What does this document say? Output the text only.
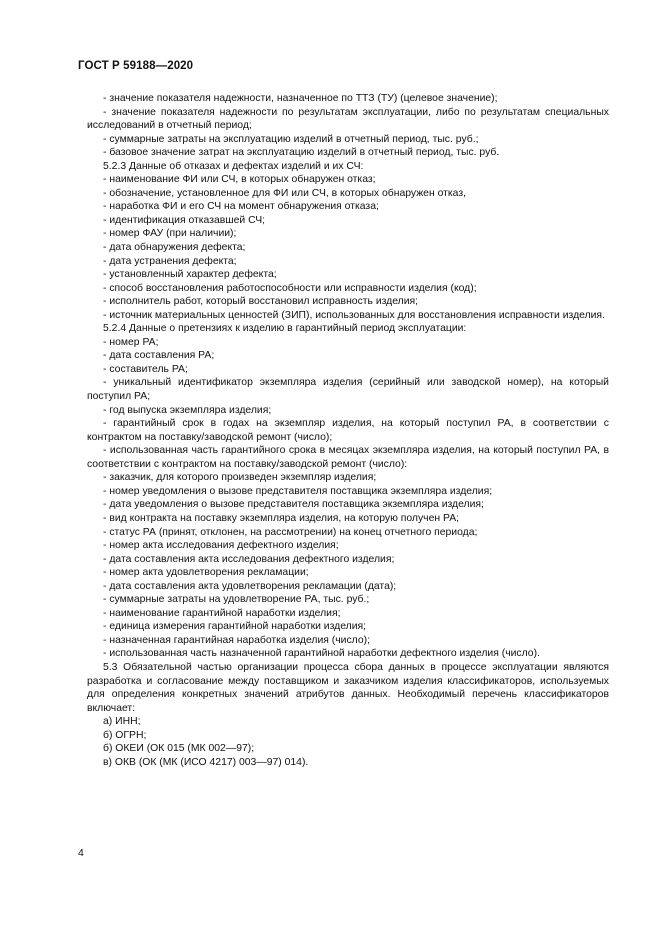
ГОСТ Р 59188—2020

- значение показателя надежности, назначенное по ТТЗ (ТУ) (целевое значение);

- значение показателя надежности по результатам эксплуатации, либо по результатам специальных исследований в отчетный период;

- суммарные затраты на эксплуатацию изделий в отчетный период, тыс. руб.;

- базовое значение затрат на эксплуатацию изделий в отчетный период, тыс. руб.

5.2.3 Данные об отказах и дефектах изделий и их СЧ:

- наименование ФИ или СЧ, в которых обнаружен отказ;

- обозначение, установленное для ФИ или СЧ, в которых обнаружен отказ,

- наработка ФИ и его СЧ на момент обнаружения отказа;

- идентификация отказавшей СЧ;

- номер ФАУ (при наличии);

- дата обнаружения дефекта;

- дата устранения дефекта;

- установленный характер дефекта;

- способ восстановления работоспособности или исправности изделия (код);

- исполнитель работ, который восстановил исправность изделия;

- источник материальных ценностей (ЗИП), использованных для восстановления исправности изделия.

5.2.4 Данные о претензиях к изделию в гарантийный период эксплуатации:

- номер РА;

- дата составления РА;

- составитель РА;

- уникальный идентификатор экземпляра изделия (серийный или заводской номер), на который поступил РА;

- год выпуска экземпляра изделия;

- гарантийный срок в годах на экземпляр изделия, на который поступил РА, в соответствии с контрактом на поставку/заводской ремонт (число);

- использованная часть гарантийного срока в месяцах экземпляра изделия, на который поступил РА, в соответствии с контрактом на поставку/заводской ремонт (число):

- заказчик, для которого произведен экземпляр изделия;

- номер уведомления о вызове представителя поставщика экземпляра изделия;

- дата уведомления о вызове представителя поставщика экземпляра изделия;

- вид контракта на поставку экземпляра изделия, на которую получен РА;

- статус РА (принят, отклонен, на рассмотрении) на конец отчетного периода;

- номер акта исследования дефектного изделия;

- дата составления акта исследования дефектного изделия;

- номер акта удовлетворения рекламации;

- дата составления акта удовлетворения рекламации (дата);

- суммарные затраты на удовлетворение РА, тыс. руб.;

- наименование гарантийной наработки изделия;

- единица измерения гарантийной наработки изделия;

- назначенная гарантийная наработка изделия (число);

- использованная часть назначенной гарантийной наработки дефектного изделия (число).

5.3 Обязательной частью организации процесса сбора данных в процессе эксплуатации являются разработка и согласование между поставщиком и заказчиком изделия классификаторов, используемых для определения конкретных значений атрибутов данных. Необходимый перечень классификаторов включает:

а) ИНН;

б) ОГРН;

б) ОКЕИ (ОК 015 (МК 002—97);

в) ОКВ (ОК (МК (ИСО 4217) 003—97) 014).

4
